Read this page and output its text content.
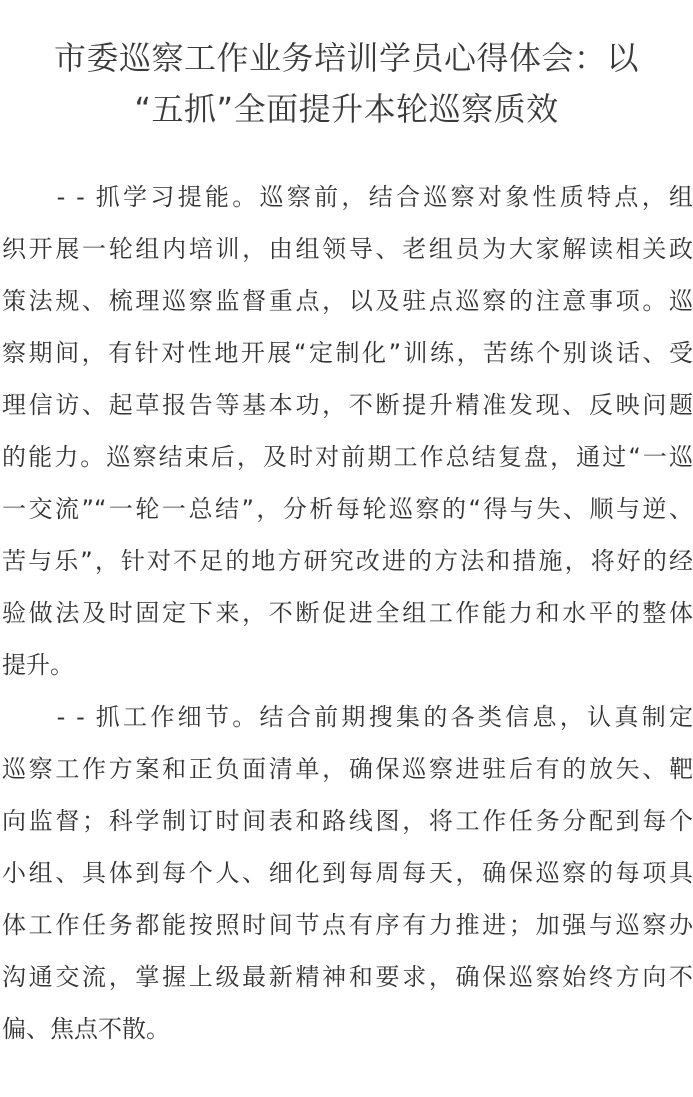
市委巡察工作业务培训学员心得体会：以
“五抓”全面提升本轮巡察质效

　　- - 抓学习提能。巡察前，结合巡察对象性质特点，组
织开展一轮组内培训，由组领导、老组员为大家解读相关政
策法规、梳理巡察监督重点，以及驻点巡察的注意事项。巡
察期间，有针对性地开展“定制化”训练，苦练个别谈话、受
理信访、起草报告等基本功，不断提升精准发现、反映问题
的能力。巡察结束后，及时对前期工作总结复盘，通过“一巡
一交流”“一轮一总结”，分析每轮巡察的“得与失、顺与逆、
苦与乐”，针对不足的地方研究改进的方法和措施，将好的经
验做法及时固定下来，不断促进全组工作能力和水平的整体
提升。

　　- - 抓工作细节。结合前期搜集的各类信息，认真制定
巡察工作方案和正负面清单，确保巡察进驻后有的放矢、靶
向监督；科学制订时间表和路线图，将工作任务分配到每个
小组、具体到每个人、细化到每周每天，确保巡察的每项具
体工作任务都能按照时间节点有序有力推进；加强与巡察办
沟通交流，掌握上级最新精神和要求，确保巡察始终方向不
偏、焦点不散。
